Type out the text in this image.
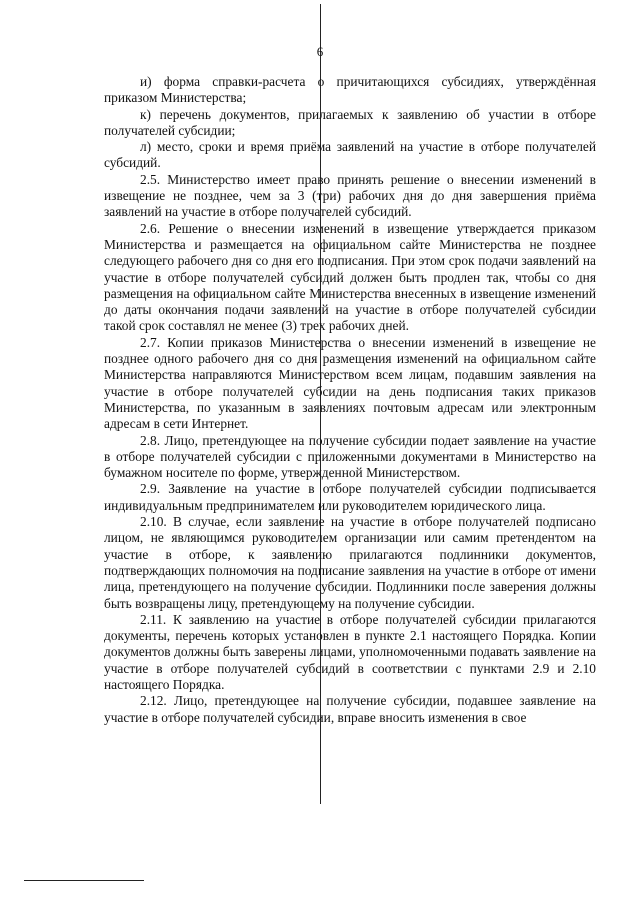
6

и) форма справки-расчета о причитающихся субсидиях, утверждённая приказом Министерства;

к) перечень документов, прилагаемых к заявлению об участии в отборе получателей субсидии;

л) место, сроки и время приёма заявлений на участие в отборе получателей субсидий.

2.5. Министерство имеет право принять решение о внесении изменений в извещение не позднее, чем за 3 (три) рабочих дня до дня завершения приёма заявлений на участие в отборе получателей субсидий.

2.6. Решение о внесении изменений в извещение утверждается приказом Министерства и размещается на официальном сайте Министерства не позднее следующего рабочего дня со дня его подписания. При этом срок подачи заявлений на участие в отборе получателей субсидий должен быть продлен так, чтобы со дня размещения на официальном сайте Министерства внесенных в извещение изменений до даты окончания подачи заявлений на участие в отборе получателей субсидии такой срок составлял не менее (3) трех рабочих дней.

2.7. Копии приказов Министерства о внесении изменений в извещение не позднее одного рабочего дня со дня размещения изменений на официальном сайте Министерства направляются Министерством всем лицам, подавшим заявления на участие в отборе получателей субсидии на день подписания таких приказов Министерства, по указанным в заявлениях почтовым адресам или электронным адресам в сети Интернет.

2.8. Лицо, претендующее на получение субсидии подает заявление на участие в отборе получателей субсидии с приложенными документами в Министерство на бумажном носителе по форме, утвержденной Министерством.

2.9. Заявление на участие в отборе получателей субсидии подписывается индивидуальным предпринимателем или руководителем юридического лица.

2.10. В случае, если заявление на участие в отборе получателей подписано лицом, не являющимся руководителем организации или самим претендентом на участие в отборе, к заявлению прилагаются подлинники документов, подтверждающих полномочия на подписание заявления на участие в отборе от имени лица, претендующего на получение субсидии. Подлинники после заверения должны быть возвращены лицу, претендующему на получение субсидии.

2.11. К заявлению на участие в отборе получателей субсидии прилагаются документы, перечень которых установлен в пункте 2.1 настоящего Порядка. Копии документов должны быть заверены лицами, уполномоченными подавать заявление на участие в отборе получателей субсидий в соответствии с пунктами 2.9 и 2.10 настоящего Порядка.

2.12. Лицо, претендующее на получение субсидии, подавшее заявление на участие в отборе получателей субсидии, вправе вносить изменения в свое
